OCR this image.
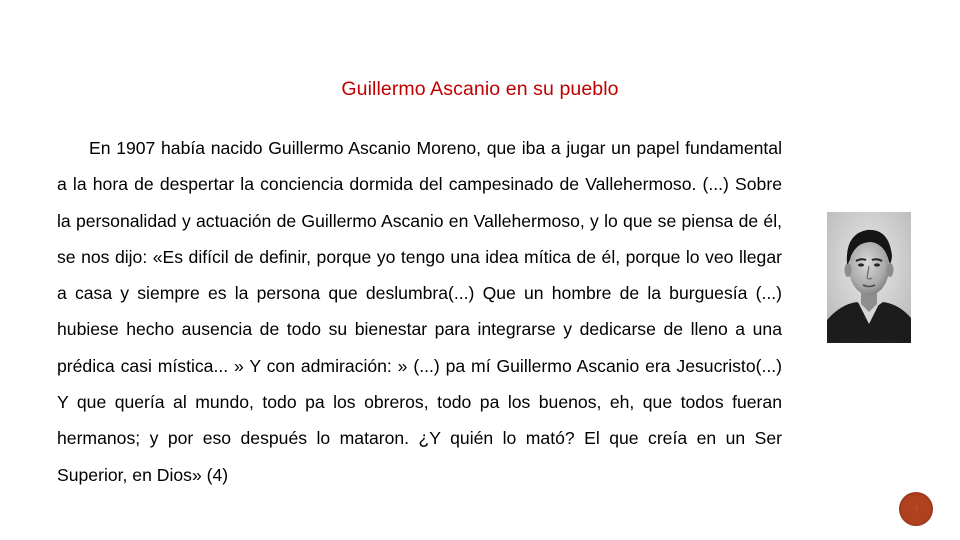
Guillermo Ascanio en su pueblo

En 1907 había nacido Guillermo Ascanio Moreno, que iba a jugar un papel fundamental a la hora de despertar la conciencia dormida del campesinado de Vallehermoso. (...) Sobre la personalidad y actuación de Guillermo Ascanio en Vallehermoso, y lo que se piensa de él, se nos dijo: «Es difícil de definir, porque yo tengo una idea mítica de él, porque lo veo llegar a casa y siempre es la persona que deslumbra(...) Que un hombre de la burguesía (...) hubiese hecho ausencia de todo su bienestar para integrarse y dedicarse de lleno a una prédica casi mística... » Y con admiración: » (...) pa mí Guillermo Ascanio era Jesucristo(...) Y que quería al mundo, todo pa los obreros, todo pa los buenos, eh, que todos fueran hermanos; y por eso después lo mataron. ¿Y quién lo mató? El que creía en un Ser Superior, en Dios» (4)

GUILLERMO ASCANIO MORENO
4
